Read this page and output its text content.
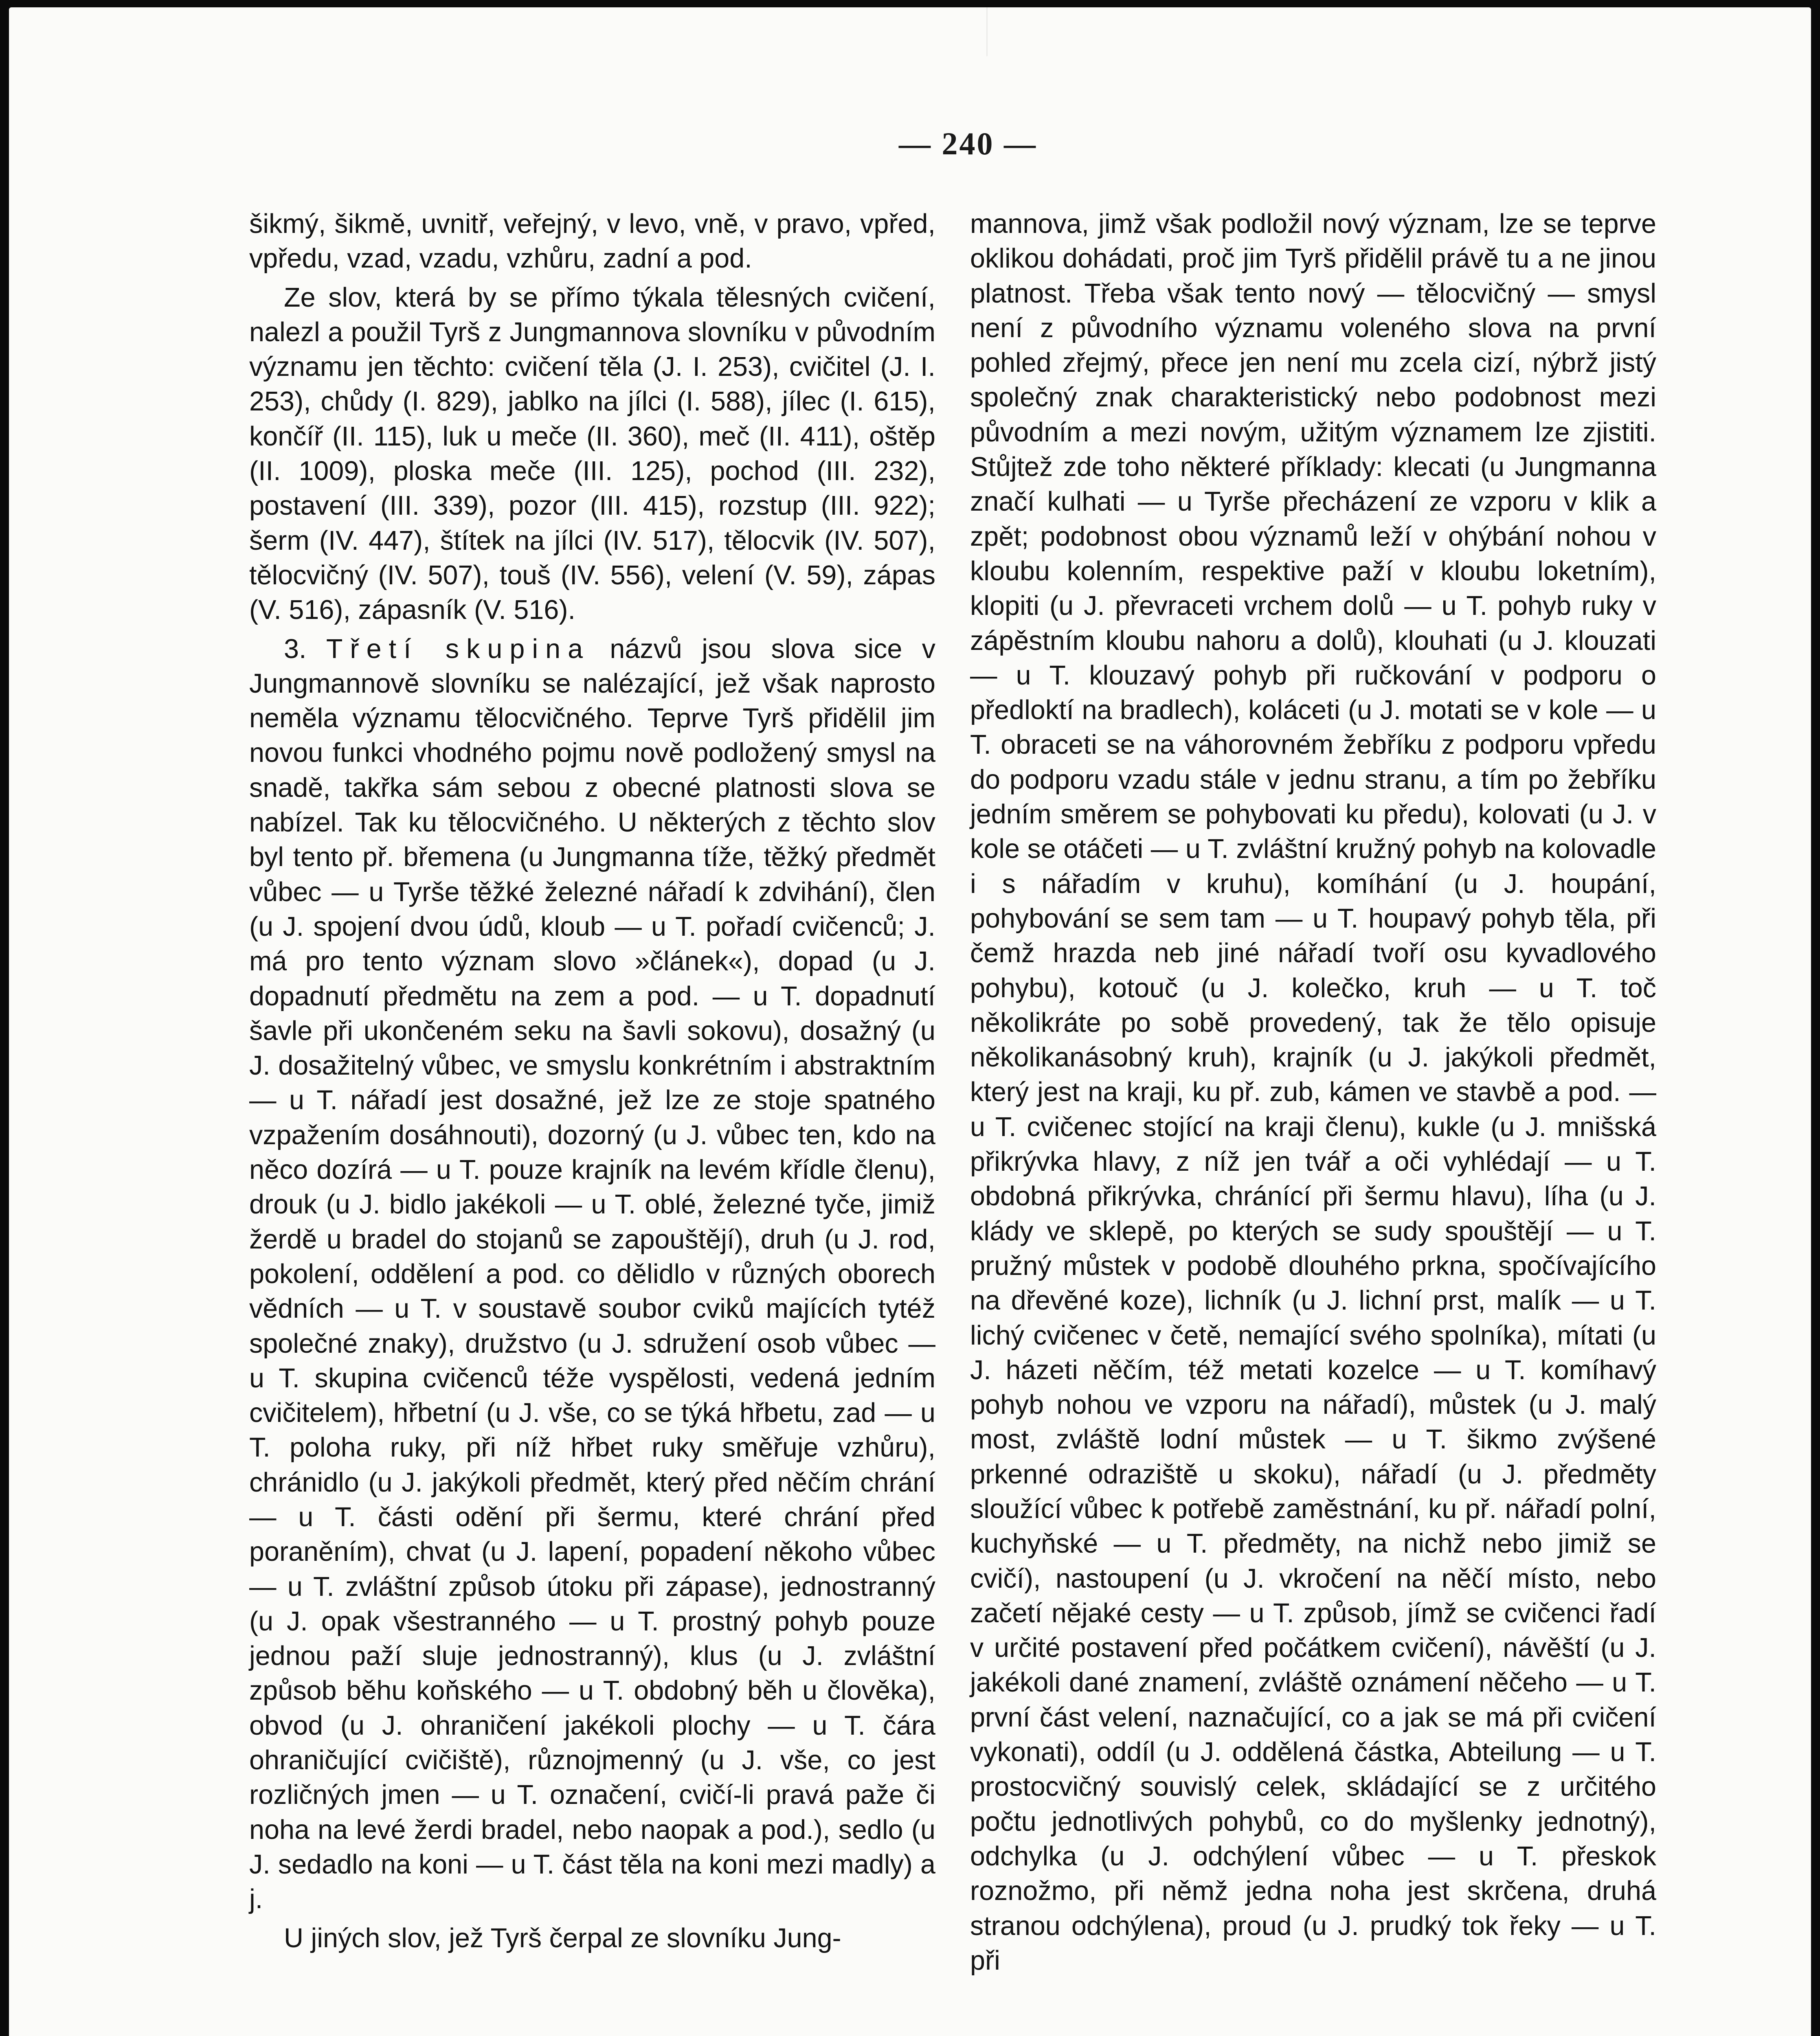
— 240 —

šikmý, šikmě, uvnitř, veřejný, v levo, vně, v pravo, vpřed, vpředu, vzad, vzadu, vzhůru, zadní a pod.

Ze slov, která by se přímo týkala tělesných cvičení, nalezl a použil Tyrš z Jungmannova slovníku v původním významu jen těchto: cvičení těla (J. I. 253), cvičitel (J. I. 253), chůdy (I. 829), jablko na jílci (I. 588), jílec (I. 615), končíř (II. 115), luk u meče (II. 360), meč (II. 411), oštěp (II. 1009), ploska meče (III. 125), pochod (III. 232), postavení (III. 339), pozor (III. 415), rozstup (III. 922); šerm (IV. 447), štítek na jílci (IV. 517), tělocvik (IV. 507), tělocvičný (IV. 507), touš (IV. 556), velení (V. 59), zápas (V. 516), zápasník (V. 516).

3. Třetí skupina názvů jsou slova sice v Jungmannově slovníku se nalézající, jež však naprosto neměla významu tělocvičného. Teprve Tyrš přidělil jim novou funkci vhodného pojmu nově podložený smysl na snadě, takřka sám sebou z obecné platnosti slova se nabízel. Tak ku tělocvičného. U některých z těchto slov byl tento př. břemena (u Jungmanna tíže, těžký předmět vůbec — u Tyrše těžké železné nářadí k zdvihání), člen (u J. spojení dvou údů, kloub — u T. pořadí cvičenců; J. má pro tento význam slovo »článek«), dopad (u J. dopadnutí předmětu na zem a pod. — u T. dopadnutí šavle při ukončeném seku na šavli sokovu), dosažný (u J. dosažitelný vůbec, ve smyslu konkrétním i abstraktním — u T. nářadí jest dosažné, jež lze ze stoje spatného vzpažením dosáhnouti), dozorný (u J. vůbec ten, kdo na něco dozírá — u T. pouze krajník na levém křídle členu), drouk (u J. bidlo jakékoli — u T. oblé, železné tyče, jimiž žerdě u bradel do stojanů se zapouštějí), druh (u J. rod, pokolení, oddělení a pod. co dělidlo v různých oborech vědních — u T. v soustavě soubor cviků majících tytéž společné znaky), družstvo (u J. sdružení osob vůbec — u T. skupina cvičenců téže vyspělosti, vedená jedním cvičitelem), hřbetní (u J. vše, co se týká hřbetu, zad — u T. poloha ruky, při níž hřbet ruky směřuje vzhůru), chránidlo (u J. jakýkoli předmět, který před něčím chrání — u T. části odění při šermu, které chrání před poraněním), chvat (u J. lapení, popadení někoho vůbec — u T. zvláštní způsob útoku při zápase), jednostranný (u J. opak všestranného — u T. prostný pohyb pouze jednou paží sluje jednostranný), klus (u J. zvláštní způsob běhu koňského — u T. obdobný běh u člověka), obvod (u J. ohraničení jakékoli plochy — u T. čára ohraničující cvičiště), různojmenný (u J. vše, co jest rozličných jmen — u T. označení, cvičí-li pravá paže či noha na levé žerdi bradel, nebo naopak a pod.), sedlo (u J. sedadlo na koni — u T. část těla na koni mezi madly) a j.

U jiných slov, jež Tyrš čerpal ze slovníku Jung-

mannova, jimž však podložil nový význam, lze se teprve oklikou dohádati, proč jim Tyrš přidělil právě tu a ne jinou platnost. Třeba však tento nový — tělocvičný — smysl není z původního významu voleného slova na první pohled zřejmý, přece jen není mu zcela cizí, nýbrž jistý společný znak charakteristický nebo podobnost mezi původním a mezi novým, užitým významem lze zjistiti. Stůjtež zde toho některé příklady: klecati (u Jungmanna značí kulhati — u Tyrše přecházení ze vzporu v klik a zpět; podobnost obou významů leží v ohýbání nohou v kloubu kolenním, respektive paží v kloubu loketním), klopiti (u J. převraceti vrchem dolů — u T. pohyb ruky v zápěstním kloubu nahoru a dolů), klouhati (u J. klouzati — u T. klouzavý pohyb při ručkování v podporu o předloktí na bradlech), koláceti (u J. motati se v kole — u T. obraceti se na váhorovném žebříku z podporu vpředu do podporu vzadu stále v jednu stranu, a tím po žebříku jedním směrem se pohybovati ku předu), kolovati (u J. v kole se otáčeti — u T. zvláštní kružný pohyb na kolovadle i s nářadím v kruhu), komíhání (u J. houpání, pohybování se sem tam — u T. houpavý pohyb těla, při čemž hrazda neb jiné nářadí tvoří osu kyvadlového pohybu), kotouč (u J. kolečko, kruh — u T. toč několikráte po sobě provedený, tak že tělo opisuje několikanásobný kruh), krajník (u J. jakýkoli předmět, který jest na kraji, ku př. zub, kámen ve stavbě a pod. — u T. cvičenec stojící na kraji členu), kukle (u J. mnišská přikrývka hlavy, z níž jen tvář a oči vyhlédají — u T. obdobná přikrývka, chránící při šermu hlavu), líha (u J. klády ve sklepě, po kterých se sudy spouštějí — u T. pružný můstek v podobě dlouhého prkna, spočívajícího na dřevěné koze), lichník (u J. lichní prst, malík — u T. lichý cvičenec v četě, nemající svého spolníka), mítati (u J. házeti něčím, též metati kozelce — u T. komíhavý pohyb nohou ve vzporu na nářadí), můstek (u J. malý most, zvláště lodní můstek — u T. šikmo zvýšené prkenné odraziště u skoku), nářadí (u J. předměty sloužící vůbec k potřebě zaměstnání, ku př. nářadí polní, kuchyňské — u T. předměty, na nichž nebo jimiž se cvičí), nastoupení (u J. vkročení na něčí místo, nebo začetí nějaké cesty — u T. způsob, jímž se cvičenci řadí v určité postavení před počátkem cvičení), návěští (u J. jakékoli dané znamení, zvláště oznámení něčeho — u T. první část velení, naznačující, co a jak se má při cvičení vykonati), oddíl (u J. oddělená částka, Abteilung — u T. prostocvičný souvislý celek, skládající se z určitého počtu jednotlivých pohybů, co do myšlenky jednotný), odchylka (u J. odchýlení vůbec — u T. přeskok roznožmo, při němž jedna noha jest skrčena, druhá stranou odchýlena), proud (u J. prudký tok řeky — u T. při
